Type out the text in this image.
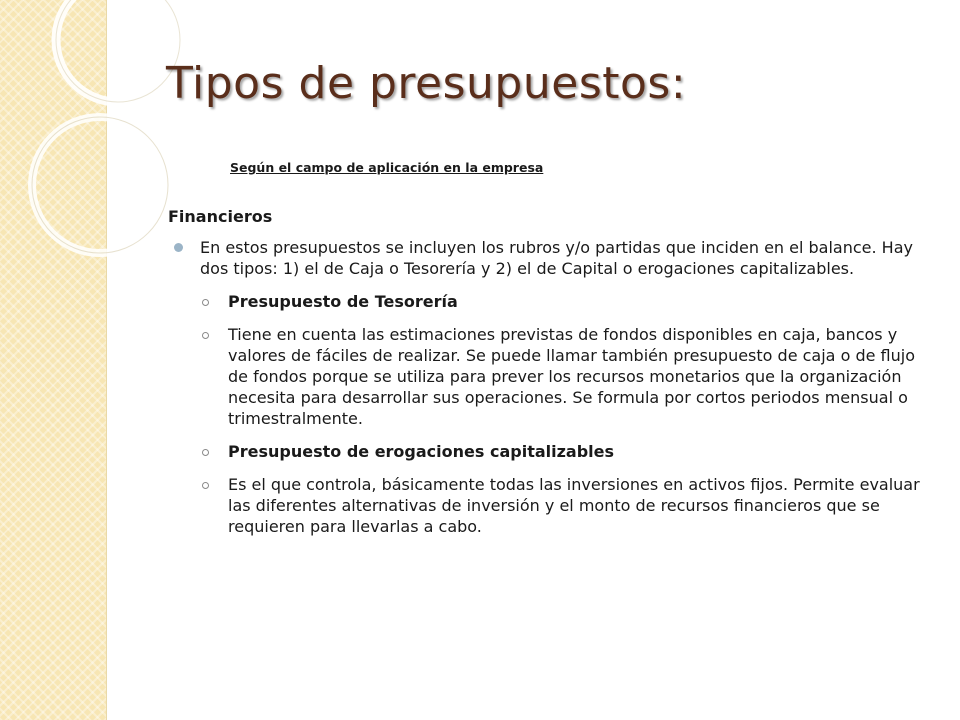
Tipos de presupuestos:
Según el campo de aplicación en la empresa
Financieros
En estos presupuestos se incluyen los rubros y/o partidas que inciden en el balance. Hay dos tipos: 1) el de Caja o Tesorería y 2) el de Capital o erogaciones capitalizables.
Presupuesto de Tesorería
Tiene en cuenta las estimaciones previstas de fondos disponibles en caja, bancos y valores de fáciles de realizar. Se puede llamar también presupuesto de caja o de flujo de fondos porque se utiliza para prever los recursos monetarios que la organización necesita para desarrollar sus operaciones. Se formula por cortos periodos mensual o trimestralmente.
Presupuesto de erogaciones capitalizables
Es el que controla, básicamente todas las inversiones en activos fijos. Permite evaluar las diferentes alternativas de inversión y el monto de recursos financieros que se requieren para llevarlas a cabo.
